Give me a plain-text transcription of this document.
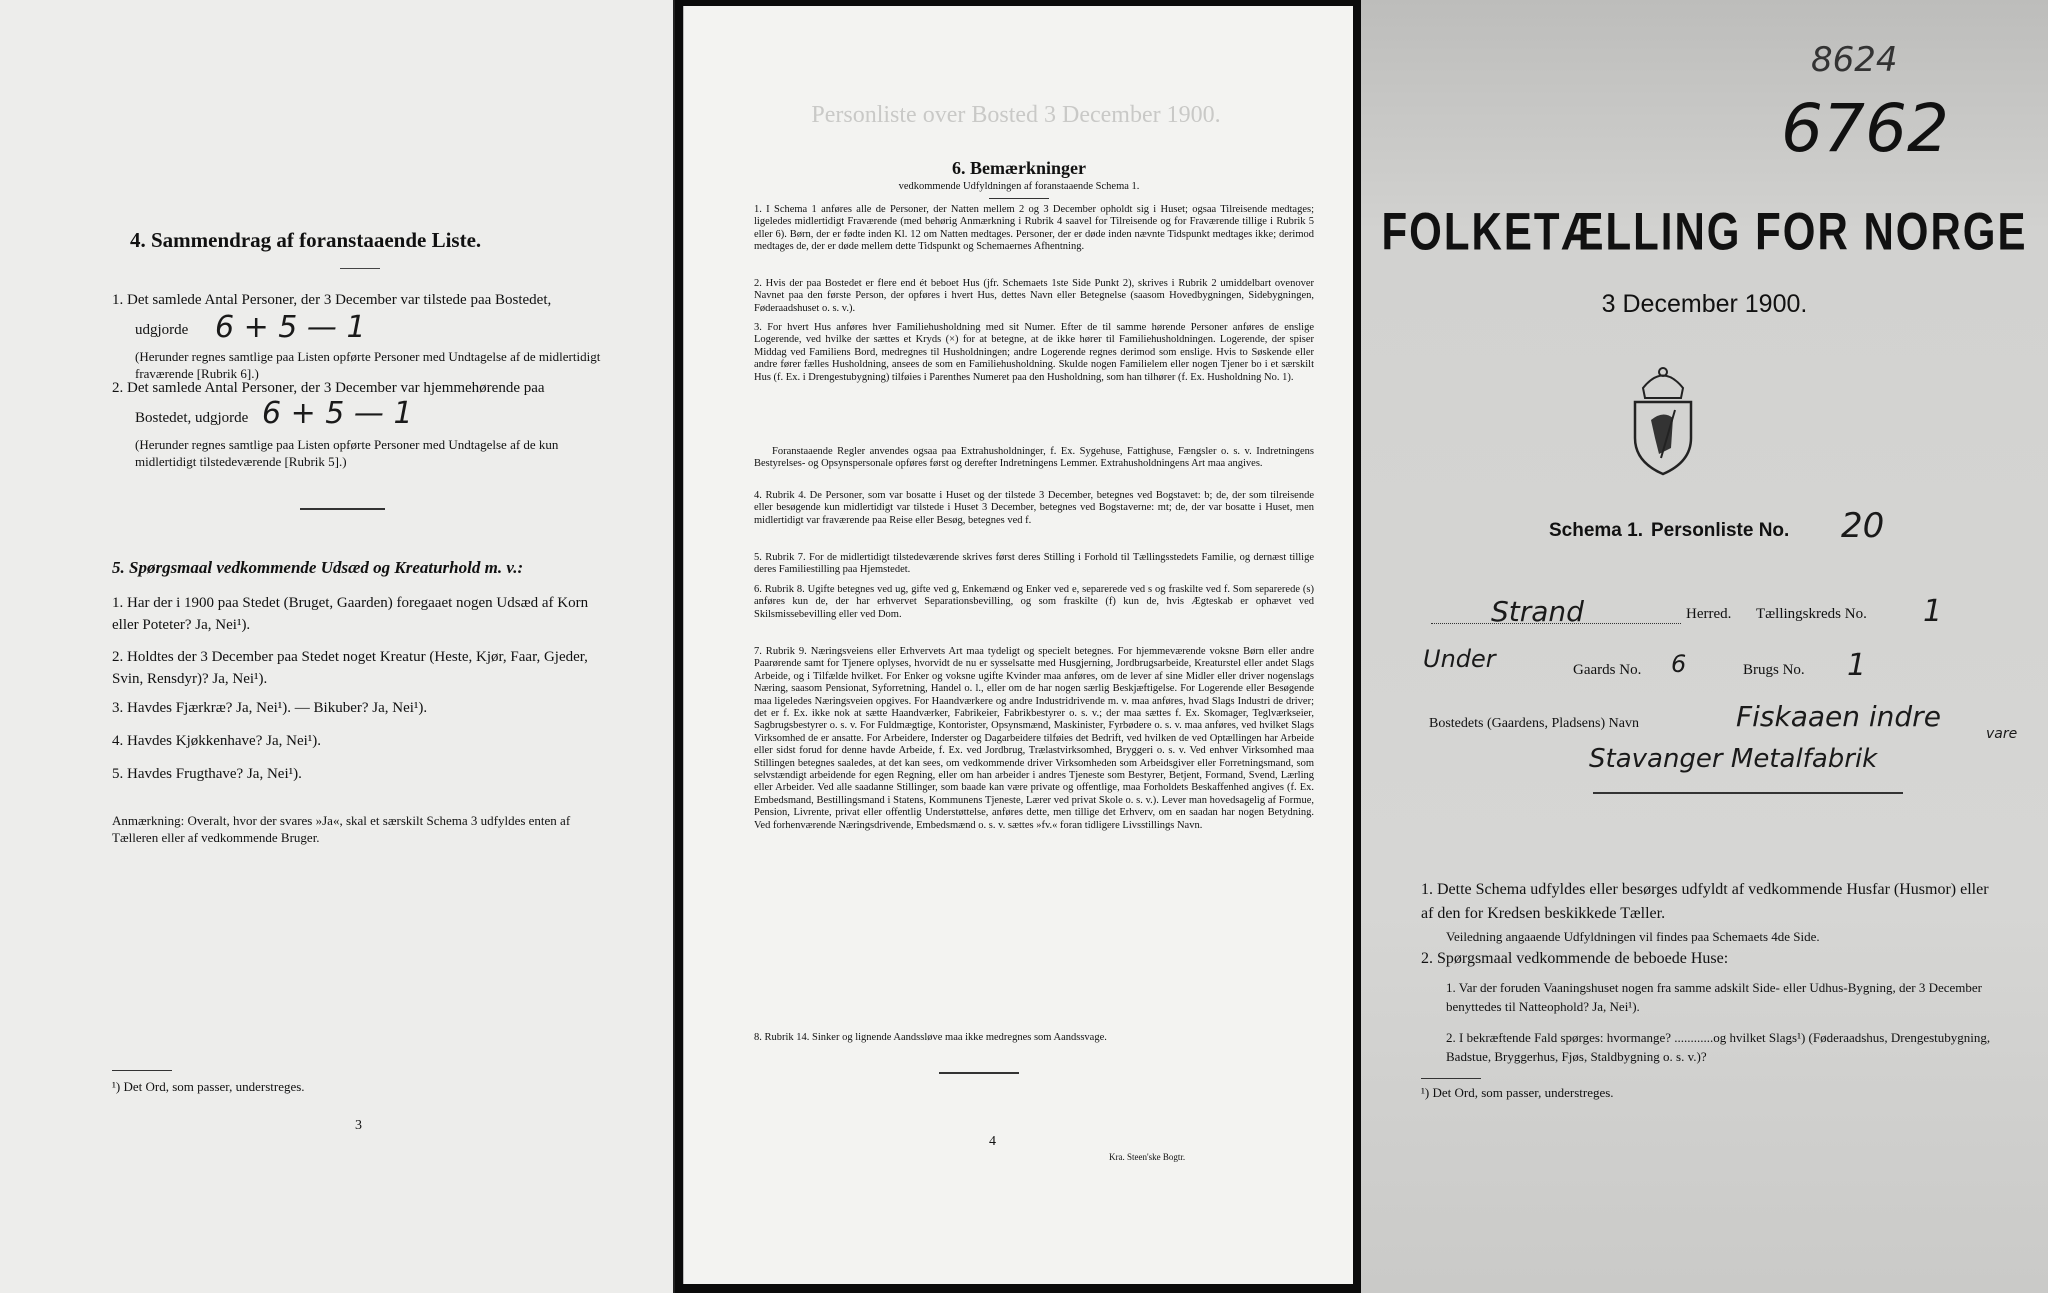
4. Sammendrag af foranstaaende Liste.
1. Det samlede Antal Personer, der 3 December var tilstede paa Bostedet,
udgjorde 6 + 5 — 1
(Herunder regnes samtlige paa Listen opførte Personer med Undtagelse af de midlertidigt fraværende [Rubrik 6].)
2. Det samlede Antal Personer, der 3 December var hjemmehørende paa
Bostedet, udgjorde 6 + 5 — 1
(Herunder regnes samtlige paa Listen opførte Personer med Undtagelse af de kun midlertidigt tilstedeværende [Rubrik 5].)
5. Spørgsmaal vedkommende Udsæd og Kreaturhold m. v.:
1. Har der i 1900 paa Stedet (Bruget, Gaarden) foregaaet nogen Udsæd af Korn eller Poteter? Ja, Nei¹).
2. Holdtes der 3 December paa Stedet noget Kreatur (Heste, Kjør, Faar, Gjeder, Svin, Rensdyr)? Ja, Nei¹).
3. Havdes Fjærkræ? Ja, Nei¹). — Bikuber? Ja, Nei¹).
4. Havdes Kjøkkenhave? Ja, Nei¹).
5. Havdes Frugthave? Ja, Nei¹).
Anmærkning: Overalt, hvor der svares »Ja«, skal et særskilt Schema 3 udfyldes enten af Tælleren eller af vedkommende Bruger.
¹) Det Ord, som passer, understreges.
3
Personliste over Bosted 3 December 1900.
6. Bemærkninger
vedkommende Udfyldningen af foranstaaende Schema 1.
1. I Schema 1 anføres alle de Personer, der Natten mellem 2 og 3 December opholdt sig i Huset; ogsaa Tilreisende medtages; ligeledes midlertidigt Fraværende (med behørig Anmærkning i Rubrik 4 saavel for Tilreisende og for Fraværende tillige i Rubrik 5 eller 6). Børn, der er fødte inden Kl. 12 om Natten medtages. Personer, der er døde inden nævnte Tidspunkt medtages ikke; derimod medtages de, der er døde mellem dette Tidspunkt og Schemaernes Afhentning.
2. Hvis der paa Bostedet er flere end ét beboet Hus (jfr. Schemaets 1ste Side Punkt 2), skrives i Rubrik 2 umiddelbart ovenover Navnet paa den første Person, der opføres i hvert Hus, dettes Navn eller Betegnelse (saasom Hovedbygningen, Sidebygningen, Føderaadshuset o. s. v.).
3. For hvert Hus anføres hver Familiehusholdning med sit Numer. Efter de til samme hørende Personer anføres de enslige Logerende, ved hvilke der sættes et Kryds (×) for at betegne, at de ikke hører til Familiehusholdningen. Logerende, der spiser Middag ved Familiens Bord, medregnes til Husholdningen; andre Logerende regnes derimod som enslige. Hvis to Søskende eller andre fører fælles Husholdning, ansees de som en Familiehusholdning. Skulde nogen Familielem eller nogen Tjener bo i et særskilt Hus (f. Ex. i Drengestubygning) tilføies i Parenthes Numeret paa den Husholdning, som han tilhører (f. Ex. Husholdning No. 1).
Foranstaaende Regler anvendes ogsaa paa Extrahusholdninger, f. Ex. Sygehuse, Fattighuse, Fængsler o. s. v. Indretningens Bestyrelses- og Opsynspersonale opføres først og derefter Indretningens Lemmer. Extrahusholdningens Art maa angives.
4. Rubrik 4. De Personer, som var bosatte i Huset og der tilstede 3 December, betegnes ved Bogstavet: b; de, der som tilreisende eller besøgende kun midlertidigt var tilstede i Huset 3 December, betegnes ved Bogstaverne: mt; de, der var bosatte i Huset, men midlertidigt var fraværende paa Reise eller Besøg, betegnes ved f.
5. Rubrik 7. For de midlertidigt tilstedeværende skrives først deres Stilling i Forhold til Tællingsstedets Familie, og dernæst tillige deres Familiestilling paa Hjemstedet.
6. Rubrik 8. Ugifte betegnes ved ug, gifte ved g, Enkemænd og Enker ved e, separerede ved s og fraskilte ved f. Som separerede (s) anføres kun de, der har erhvervet Separationsbevilling, og som fraskilte (f) kun de, hvis Ægteskab er ophævet ved Skilsmissebevilling eller ved Dom.
7. Rubrik 9. Næringsveiens eller Erhvervets Art maa tydeligt og specielt betegnes. For hjemmeværende voksne Børn eller andre Paarørende samt for Tjenere oplyses, hvorvidt de nu er sysselsatte med Husgjerning, Jordbrugsarbeide, Kreaturstel eller andet Slags Arbeide, og i Tilfælde hvilket. For Enker og voksne ugifte Kvinder maa anføres, om de lever af sine Midler eller driver nogenslags Næring, saasom Pensionat, Syforretning, Handel o. l., eller om de har nogen særlig Beskjæftigelse. For Logerende eller Besøgende maa ligeledes Næringsveien opgives. For Haandværkere og andre Industridrivende m. v. maa anføres, hvad Slags Industri de driver; det er f. Ex. ikke nok at sætte Haandværker, Fabrikeier, Fabrikbestyrer o. s. v.; der maa sættes f. Ex. Skomager, Teglværkseier, Sagbrugsbestyrer o. s. v. For Fuldmægtige, Kontorister, Opsynsmænd, Maskinister, Fyrbødere o. s. v. maa anføres, ved hvilket Slags Virksomhed de er ansatte. For Arbeidere, Inderster og Dagarbeidere tilføies det Bedrift, ved hvilken de ved Optællingen har Arbeide eller sidst forud for denne havde Arbeide, f. Ex. ved Jordbrug, Trælastvirksomhed, Bryggeri o. s. v. Ved enhver Virksomhed maa Stillingen betegnes saaledes, at det kan sees, om vedkommende driver Virksomheden som Arbeidsgiver eller Forretningsmand, som selvstændigt arbeidende for egen Regning, eller om han arbeider i andres Tjeneste som Bestyrer, Betjent, Formand, Svend, Lærling eller Arbeider. Ved alle saadanne Stillinger, som baade kan være private og offentlige, maa Forholdets Beskaffenhed angives (f. Ex. Embedsmand, Bestillingsmand i Statens, Kommunens Tjeneste, Lærer ved privat Skole o. s. v.). Lever man hovedsagelig af Formue, Pension, Livrente, privat eller offentlig Understøttelse, anføres dette, men tillige det Erhverv, om en saadan har nogen Betydning. Ved forhenværende Næringsdrivende, Embedsmænd o. s. v. sættes »fv.« foran tidligere Livsstillings Navn.
8. Rubrik 14. Sinker og lignende Aandssløve maa ikke medregnes som Aandssvage.
4
Kra. Steen'ske Bogtr.
8624
6762
FOLKETÆLLING FOR NORGE
3 December 1900.
Schema 1. Personliste No. 20
Strand	Herred. Tællingskreds No. 1
Under	Gaards No. 6	Brugs No. 1
Bostedets (Gaardens, Pladsens) Navn	Fiskaaen indre
vare
Stavanger Metalfabrik
1. Dette Schema udfyldes eller besørges udfyldt af vedkommende Husfar (Husmor) eller af den for Kredsen beskikkede Tæller.
Veiledning angaaende Udfyldningen vil findes paa Schemaets 4de Side.
2. Spørgsmaal vedkommende de beboede Huse:
1. Var der foruden Vaaningshuset nogen fra samme adskilt Side- eller Udhus-Bygning, der 3 December benyttedes til Natteophold? Ja, Nei¹).
2. I bekræftende Fald spørges: hvormange? ............og hvilket Slags¹) (Føderaadshus, Drengestubygning, Badstue, Bryggerhus, Fjøs, Staldbygning o. s. v.)?
¹) Det Ord, som passer, understreges.
